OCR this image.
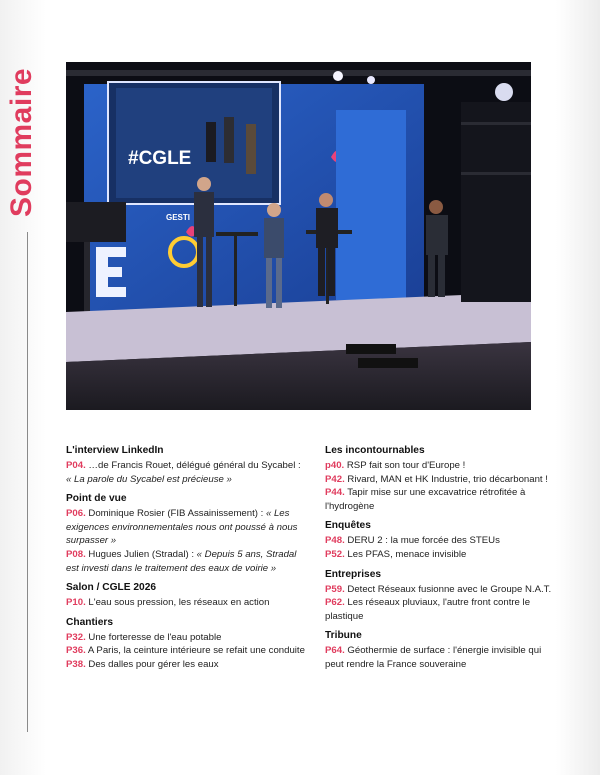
Sommaire	#CGLE
GESTI
L'interview LinkedIn

P04. …de Francis Rouet, délégué général du Sycabel : « La parole du Sycabel est précieuse »

Point de vue

P06. Dominique Rosier (FIB Assainissement) : « Les exigences environnementales nous ont poussé à nous surpasser »

P08. Hugues Julien (Stradal) : « Depuis 5 ans, Stradal est investi dans le traitement des eaux de voirie »

Salon / CGLE 2026

P10. L'eau sous pression, les réseaux en action

Chantiers

P32. Une forteresse de l'eau potable

P36. A Paris, la ceinture intérieure se refait une conduite

P38. Des dalles pour gérer les eaux

Les incontournables

p40. RSP fait son tour d'Europe !

P42. Rivard, MAN et HK Industrie, trio décarbonant !

P44. Tapir mise sur une excavatrice rétrofitée à l'hydrogène

Enquêtes

P48. DERU 2 : la mue forcée des STEUs

P52. Les PFAS, menace invisible

Entreprises

P59. Detect Réseaux fusionne avec le Groupe N.A.T.

P62. Les réseaux pluviaux, l'autre front contre le plastique

Tribune

P64. Géothermie de surface : l'énergie invisible qui peut rendre la France souveraine
